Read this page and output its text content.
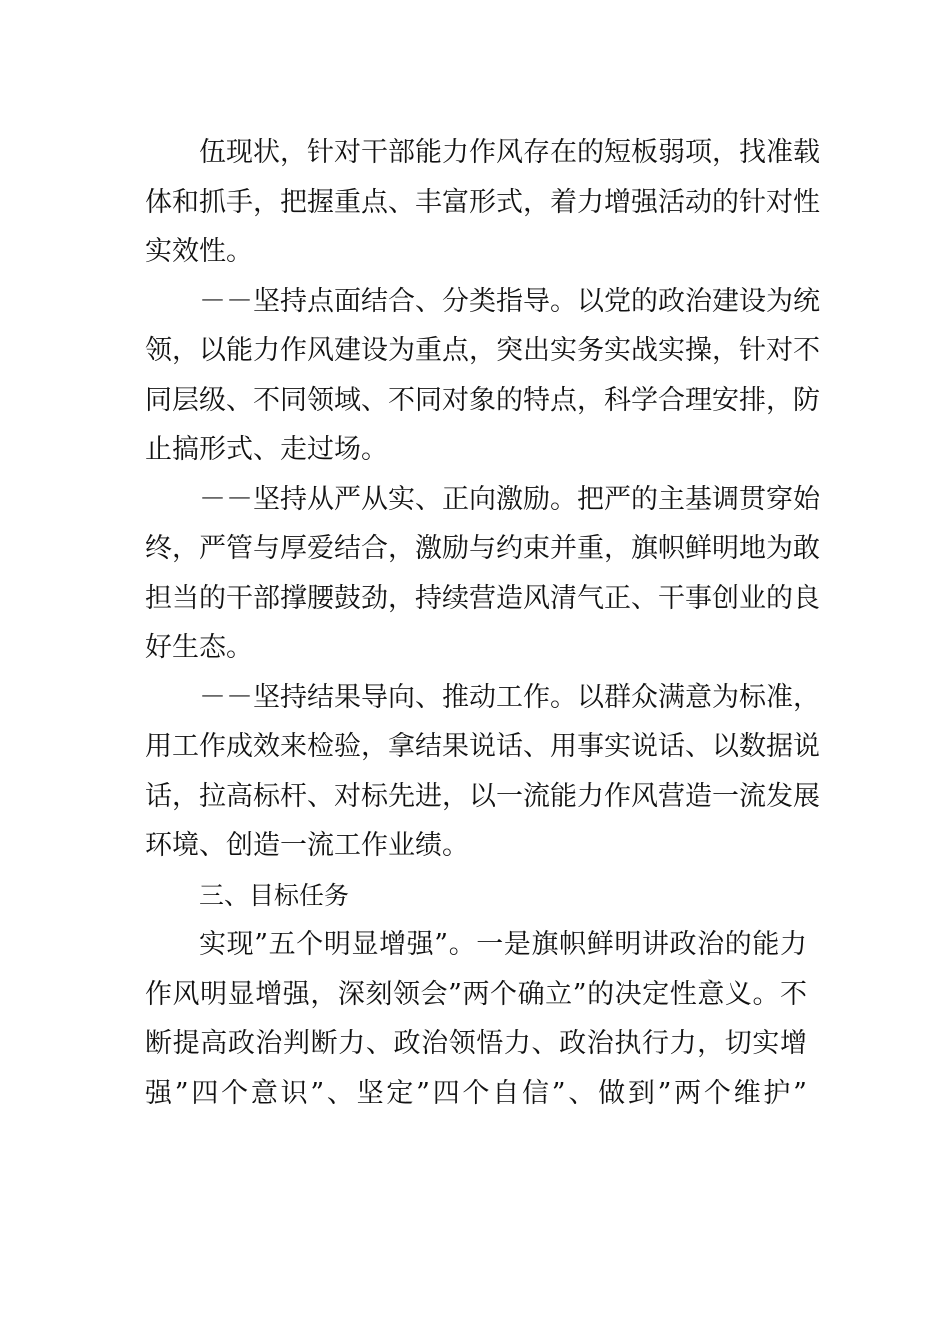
伍现状，针对干部能力作风存在的短板弱项，找准载
体和抓手，把握重点、丰富形式，着力增强活动的针对性
实效性。
－－坚持点面结合、分类指导。以党的政治建设为统
领，以能力作风建设为重点，突出实务实战实操，针对不
同层级、不同领域、不同对象的特点，科学合理安排，防
止搞形式、走过场。
－－坚持从严从实、正向激励。把严的主基调贯穿始
终，严管与厚爱结合，激励与约束并重，旗帜鲜明地为敢
担当的干部撑腰鼓劲，持续营造风清气正、干事创业的良
好生态。
－－坚持结果导向、推动工作。以群众满意为标准，
用工作成效来检验，拿结果说话、用事实说话、以数据说
话，拉高标杆、对标先进，以一流能力作风营造一流发展
环境、创造一流工作业绩。
三、目标任务
实现”五个明显增强”。一是旗帜鲜明讲政治的能力
作风明显增强，深刻领会”两个确立”的决定性意义。不
断提高政治判断力、政治领悟力、政治执行力，切实增
强”四个意识”、坚定”四个自信”、做到”两个维护”
